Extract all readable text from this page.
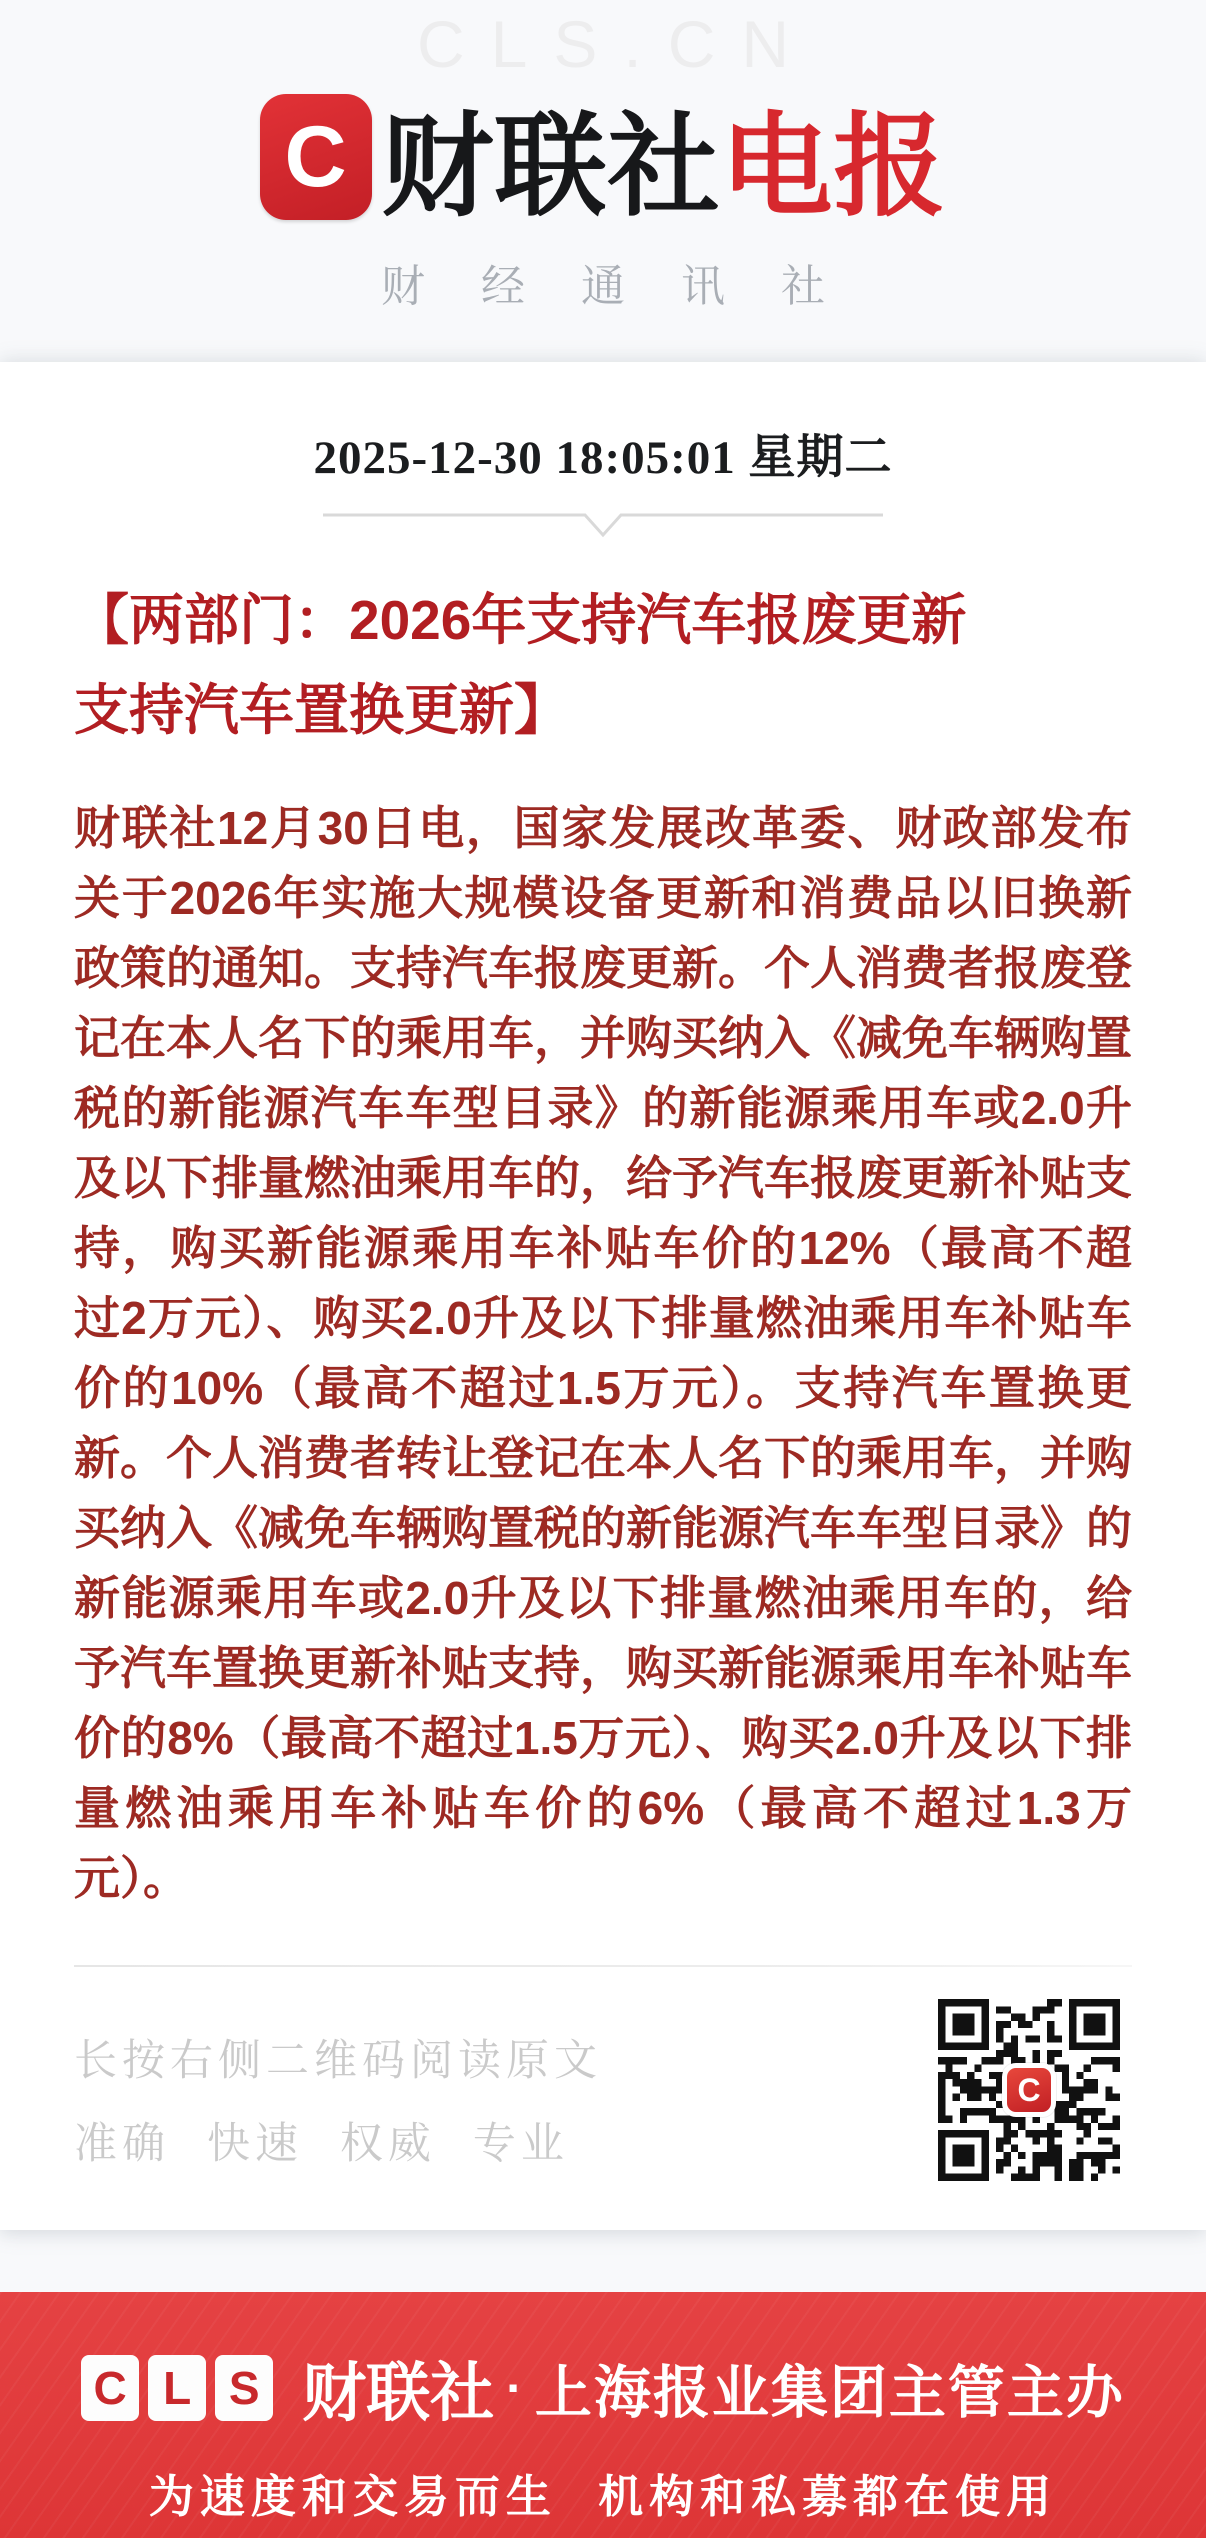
CLS.CN
C 财联社 电报
财经通讯社
2025-12-30 18:05:01 星期二
【两部门：2026年支持汽车报废更新
支持汽车置换更新】
财联社12月30日电，国家发展改革委、财政部发布关于2026年实施大规模设备更新和消费品以旧换新政策的通知。支持汽车报废更新。个人消费者报废登记在本人名下的乘用车，并购买纳入《减免车辆购置税的新能源汽车车型目录》的新能源乘用车或2.0升及以下排量燃油乘用车的，给予汽车报废更新补贴支持，购买新能源乘用车补贴车价的12%（最高不超过2万元）、购买2.0升及以下排量燃油乘用车补贴车价的10%（最高不超过1.5万元）。支持汽车置换更新。个人消费者转让登记在本人名下的乘用车，并购买纳入《减免车辆购置税的新能源汽车车型目录》的新能源乘用车或2.0升及以下排量燃油乘用车的，给予汽车置换更新补贴支持，购买新能源乘用车补贴车价的8%（最高不超过1.5万元）、购买2.0升及以下排量燃油乘用车补贴车价的6%（最高不超过1.3万元）。
长按右侧二维码阅读原文
准确 快速 权威 专业
C
C L S 财联社 · 上海报业集团主管主办
为速度和交易而生 机构和私募都在使用
